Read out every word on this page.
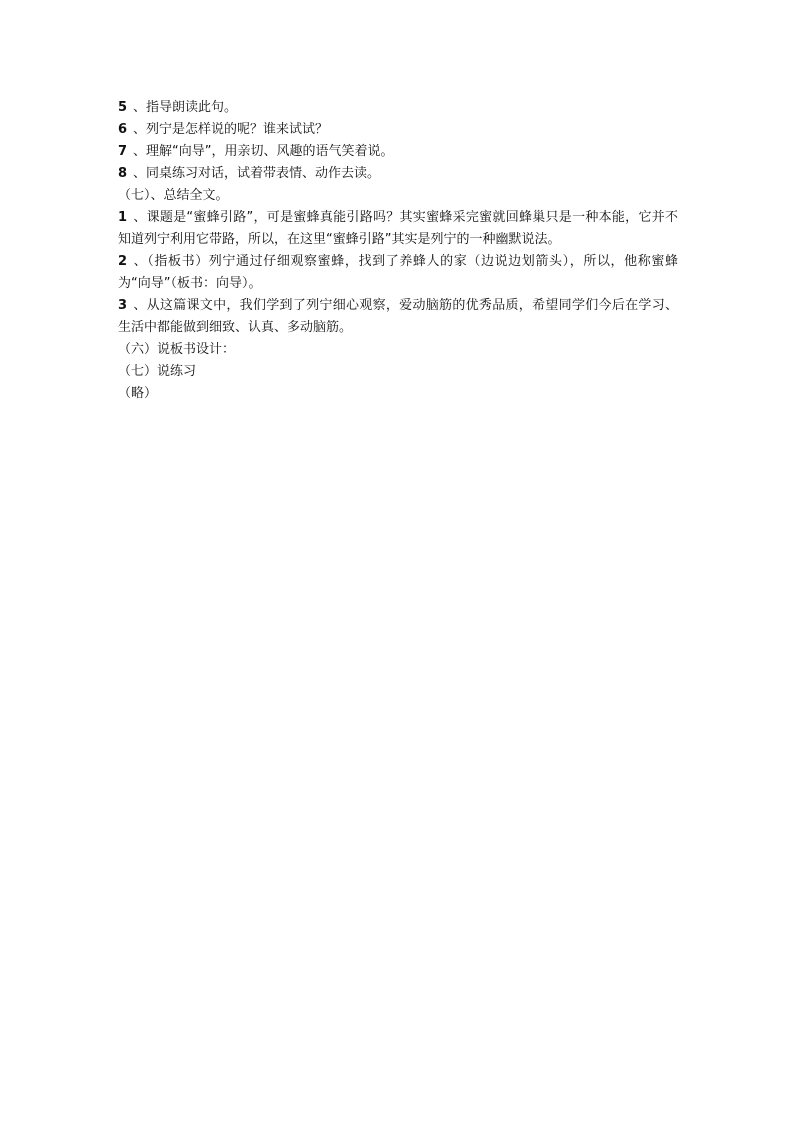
5 、指导朗读此句。
6 、列宁是怎样说的呢？谁来试试？
7 、理解“向导”，用亲切、风趣的语气笑着说。
8 、同桌练习对话，试着带表情、动作去读。
（七）、总结全文。
1 、课题是“蜜蜂引路”，可是蜜蜂真能引路吗？其实蜜蜂采完蜜就回蜂巢只是一种本能，它并不知道列宁利用它带路，所以，在这里“蜜蜂引路”其实是列宁的一种幽默说法。
2 、（指板书）列宁通过仔细观察蜜蜂，找到了养蜂人的家（边说边划箭头），所以，他称蜜蜂为“向导”（板书：向导）。
3 、从这篇课文中，我们学到了列宁细心观察，爱动脑筋的优秀品质，希望同学们今后在学习、生活中都能做到细致、认真、多动脑筋。
（六）说板书设计：
（七）说练习
（略）
